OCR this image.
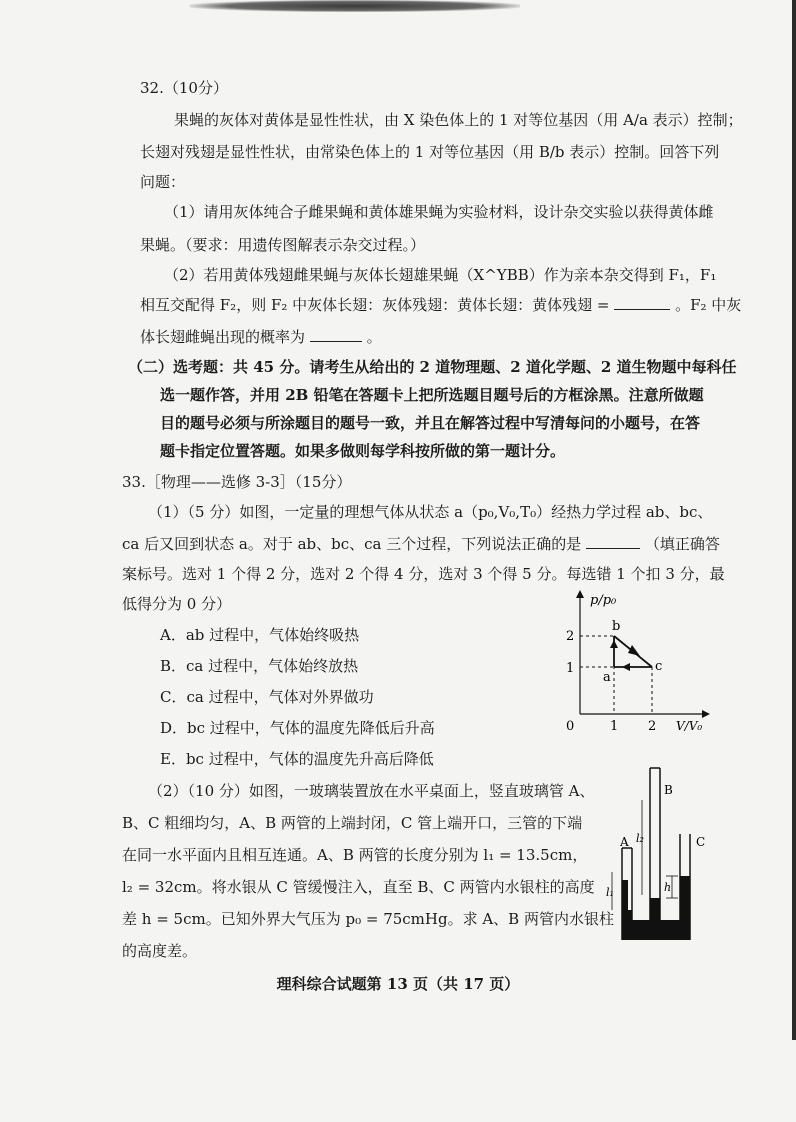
32.（10分）
果蝇的灰体对黄体是显性性状，由 X 染色体上的 1 对等位基因（用 A/a 表示）控制；
长翅对残翅是显性性状，由常染色体上的 1 对等位基因（用 B/b 表示）控制。回答下列
问题：
（1）请用灰体纯合子雌果蝇和黄体雄果蝇为实验材料，设计杂交实验以获得黄体雌
果蝇。（要求：用遗传图解表示杂交过程。）
（2）若用黄体残翅雌果蝇与灰体长翅雄果蝇（X^YBB）作为亲本杂交得到 F₁，F₁
相互交配得 F₂，则 F₂ 中灰体长翅：灰体残翅：黄体长翅：黄体残翅 =	。F₂ 中灰
体长翅雌蝇出现的概率为	。
（二）选考题：共 45 分。请考生从给出的 2 道物理题、2 道化学题、2 道生物题中每科任
选一题作答，并用 2B 铅笔在答题卡上把所选题目题号后的方框涂黑。注意所做题
目的题号必须与所涂题目的题号一致，并且在解答过程中写清每问的小题号，在答
题卡指定位置答题。如果多做则每学科按所做的第一题计分。
33.［物理——选修 3-3］（15分）
（1）（5 分）如图，一定量的理想气体从状态 a（p₀,V₀,T₀）经热力学过程 ab、bc、
ca 后又回到状态 a。对于 ab、bc、ca 三个过程，下列说法正确的是	（填正确答
案标号。选对 1 个得 2 分，选对 2 个得 4 分，选对 3 个得 5 分。每选错 1 个扣 3 分，最
低得分为 0 分）
A．ab 过程中，气体始终吸热
B．ca 过程中，气体始终放热
C．ca 过程中，气体对外界做功
D．bc 过程中，气体的温度先降低后升高
E．bc 过程中，气体的温度先升高后降低
（2）（10 分）如图，一玻璃装置放在水平桌面上，竖直玻璃管 A、
B、C 粗细均匀，A、B 两管的上端封闭，C 管上端开口，三管的下端
在同一水平面内且相互连通。A、B 两管的长度分别为 l₁ = 13.5cm，
l₂ = 32cm。将水银从 C 管缓慢注入，直至 B、C 两管内水银柱的高度
差 h = 5cm。已知外界大气压为 p₀ = 75cmHg。求 A、B 两管内水银柱
的高度差。
p/p₀
V/V₀
0	1 2
1
2
b
c
a
A
l₁
B
l₂	C
h
理科综合试题第 13 页（共 17 页）
